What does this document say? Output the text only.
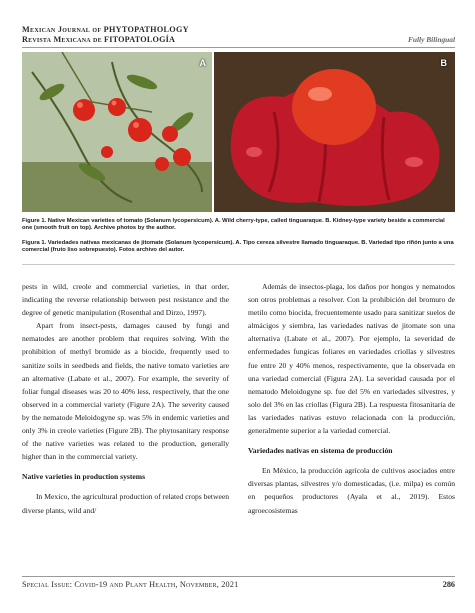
Mexican Journal of PHYTOPATHOLOGY
Revista Mexicana de FITOPATOLOGÍA	Fully Bilingual
A	B
Figure 1. Native Mexican varieties of tomato (Solanum lycopersicum). A. Wild cherry-type, called tinguaraque. B. Kidney-type variety beside a commercial one (smooth fruit on top). Archive photos by the author.
Figura 1. Variedades nativas mexicanas de jitomate (Solanum lycopersicum). A. Tipo cereza silvestre llamado tinguaraque. B. Variedad tipo riñón junto a una comercial (fruto liso sobrepuesto). Fotos archivo del autor.

pests in wild, creole and commercial varieties, in that order, indicating the reverse relationship between pest resistance and the degree of genetic manipulation (Rosenthal and Dirzo, 1997).

Apart from insect-pests, damages caused by fungi and nematodes are another problem that requires solving. With the prohibition of methyl bromide as a biocide, frequently used to sanitize soils in seedbeds and fields, the native tomato varieties are an alternative (Labate et al., 2007). For example, the severity of foliar fungal diseases was 20 to 40% less, respectively, that the one observed in a commercial variety (Figure 2A). The severity caused by the nematode Meloidogyne sp. was 5% in endemic varieties and only 3% in creole varieties (Figure 2B). The phytosanitary response of the native varieties was related to the production, generally higher than in the commercial variety.

Native varieties in production systems

In Mexico, the agricultural production of related crops between diverse plants, wild and/

Además de insectos-plaga, los daños por hongos y nematodos son otros problemas a resolver. Con la prohibición del bromuro de metilo como biocida, frecuentemente usado para sanitizar suelos de almácigos y siembra, las variedades nativas de jitomate son una alternativa (Labate et al., 2007). Por ejemplo, la severidad de enfermedades fungicas foliares en variedades criollas y silvestres fue entre 20 y 40% menos, respectivamente, que la observada en una variedad comercial (Figura 2A). La severidad causada por el nematodo Meloidogyne sp. fue del 5% en variedades silvestres, y solo del 3% en las criollas (Figura 2B). La respuesta fitosanitaria de las variedades nativas estuvo relacionada con la producción, generalmente superior a la variedad comercial.

Variedades nativas en sistema de producción

En México, la producción agrícola de cultivos asociados entre diversas plantas, silvestres y/o domesticadas, (i.e. milpa) es común en pequeños productores (Ayala et al., 2019). Estos agroecosistemas

Special Issue: Covid-19 and Plant Health, November, 2021	286
